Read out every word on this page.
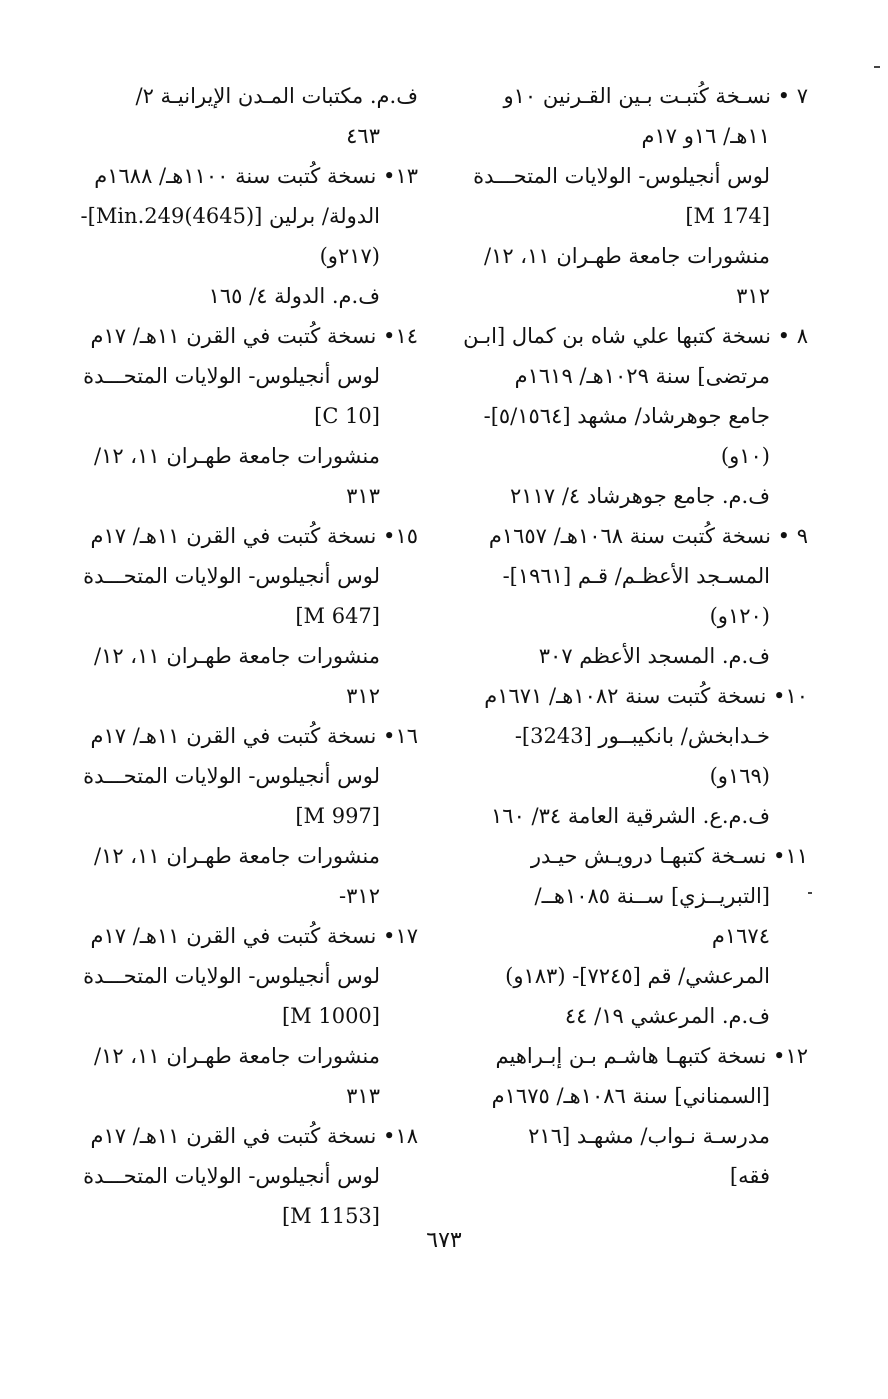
٧ • نسـخة كُتبـت بـين القـرنين ١٠و
١١هـ/ ١٦و ١٧م
لوس أنجيلوس- الولايات المتحـــدة
[M 174]
منشورات جامعة طهـران ١١، ١٢/
٣١٢
٨ • نسخة كتبها علي شاه بن كمال [ابـن
مرتضى] سنة ١٠٢٩هـ/ ١٦١٩م
جامع جوهرشاد/ مشهد [٥/١٥٦٤]-
(١٠و)
ف.م. جامع جوهرشاد ٤/ ٢١١٧
٩ • نسخة كُتبت سنة ١٠٦٨هـ/ ١٦٥٧م
المسـجد الأعظـم/ قـم [١٩٦١]-
(١٢٠و)
ف.م. المسجد الأعظم ٣٠٧
١٠• نسخة كُتبت سنة ١٠٨٢هـ/ ١٦٧١م
خـدابخش/ بانكيبــور [3243]-
(١٦٩و)
ف.م.ع. الشرقية العامة ٣٤/ ١٦٠
١١• نسـخة كتبهـا درويـش حيـدر
[التبريــزي] ســنة ١٠٨٥هــ/
١٦٧٤م
المرعشي/ قم [٧٢٤٥]- (١٨٣و)
ف.م. المرعشي ١٩/ ٤٤
١٢• نسخة كتبهـا هاشـم بـن إبـراهيم
[السمناني] سنة ١٠٨٦هـ/ ١٦٧٥م
مدرسـة نـواب/ مشهـد [٢١٦
فقه]
ف.م. مكتبات المـدن الإيرانيـة ٢/
٤٦٣
١٣• نسخة كُتبت سنة ١١٠٠هـ/ ١٦٨٨م
الدولة/ برلين [Min.249(4645)]-
(٢١٧و)
ف.م. الدولة ٤/ ١٦٥
١٤• نسخة كُتبت في القرن ١١هـ/ ١٧م
لوس أنجيلوس- الولايات المتحـــدة
[C 10]
منشورات جامعة طهـران ١١، ١٢/
٣١٣
١٥• نسخة كُتبت في القرن ١١هـ/ ١٧م
لوس أنجيلوس- الولايات المتحـــدة
[M 647]
منشورات جامعة طهـران ١١، ١٢/
٣١٢
١٦• نسخة كُتبت في القرن ١١هـ/ ١٧م
لوس أنجيلوس- الولايات المتحـــدة
[M 997]
منشورات جامعة طهـران ١١، ١٢/
٣١٢-
١٧• نسخة كُتبت في القرن ١١هـ/ ١٧م
لوس أنجيلوس- الولايات المتحـــدة
[M 1000]
منشورات جامعة طهـران ١١، ١٢/
٣١٣
١٨• نسخة كُتبت في القرن ١١هـ/ ١٧م
لوس أنجيلوس- الولايات المتحـــدة
[M 1153]
٦٧٣
